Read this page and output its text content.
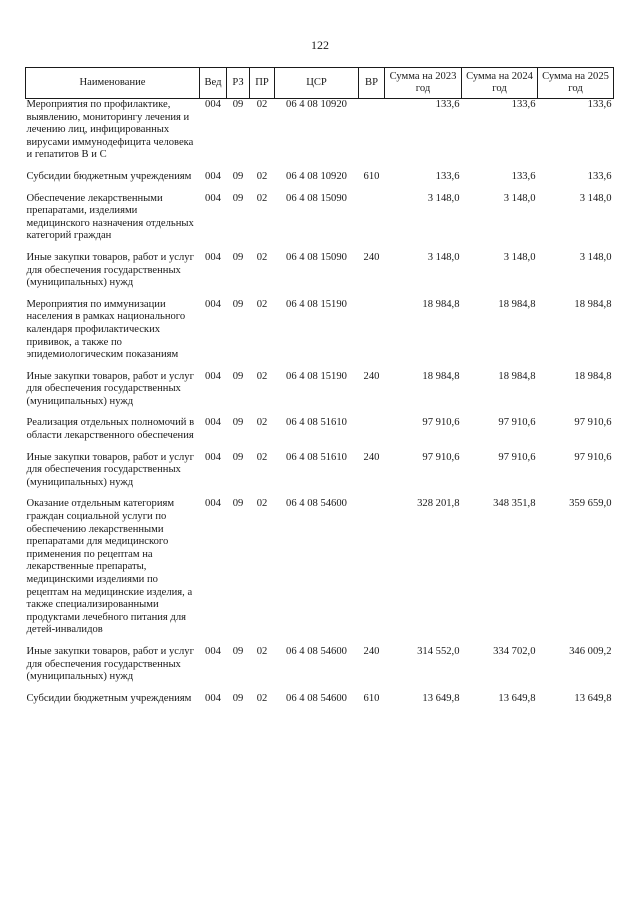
122

Наименование	Вед	РЗ	ПР	ЦСР	ВР	Сумма на 2023 год	Сумма на 2024 год	Сумма на 2025 год
Мероприятия по профилактике, выявлению, мониторингу лечения и лечению лиц, инфицированных вирусами иммунодефицита человека и гепатитов В и С	004	09	02	06 4 08 10920		133,6	133,6	133,6
Субсидии бюджетным учреждениям	004	09	02	06 4 08 10920	610	133,6	133,6	133,6
Обеспечение лекарственными препаратами, изделиями медицинского назначения отдельных категорий граждан	004	09	02	06 4 08 15090		3 148,0	3 148,0	3 148,0
Иные закупки товаров, работ и услуг для обеспечения государственных (муниципальных) нужд	004	09	02	06 4 08 15090	240	3 148,0	3 148,0	3 148,0
Мероприятия по иммунизации населения в рамках национального календаря профилактических прививок, а также по эпидемиологическим показаниям	004	09	02	06 4 08 15190		18 984,8	18 984,8	18 984,8
Иные закупки товаров, работ и услуг для обеспечения государственных (муниципальных) нужд	004	09	02	06 4 08 15190	240	18 984,8	18 984,8	18 984,8
Реализация отдельных полномочий в области лекарственного обеспечения	004	09	02	06 4 08 51610		97 910,6	97 910,6	97 910,6
Иные закупки товаров, работ и услуг для обеспечения государственных (муниципальных) нужд	004	09	02	06 4 08 51610	240	97 910,6	97 910,6	97 910,6
Оказание отдельным категориям граждан социальной услуги по обеспечению лекарственными препаратами для медицинского применения по рецептам на лекарственные препараты, медицинскими изделиями по рецептам на медицинские изделия, а также специализированными продуктами лечебного питания для детей-инвалидов	004	09	02	06 4 08 54600		328 201,8	348 351,8	359 659,0
Иные закупки товаров, работ и услуг для обеспечения государственных (муниципальных) нужд	004	09	02	06 4 08 54600	240	314 552,0	334 702,0	346 009,2
Субсидии бюджетным учреждениям	004	09	02	06 4 08 54600	610	13 649,8	13 649,8	13 649,8
